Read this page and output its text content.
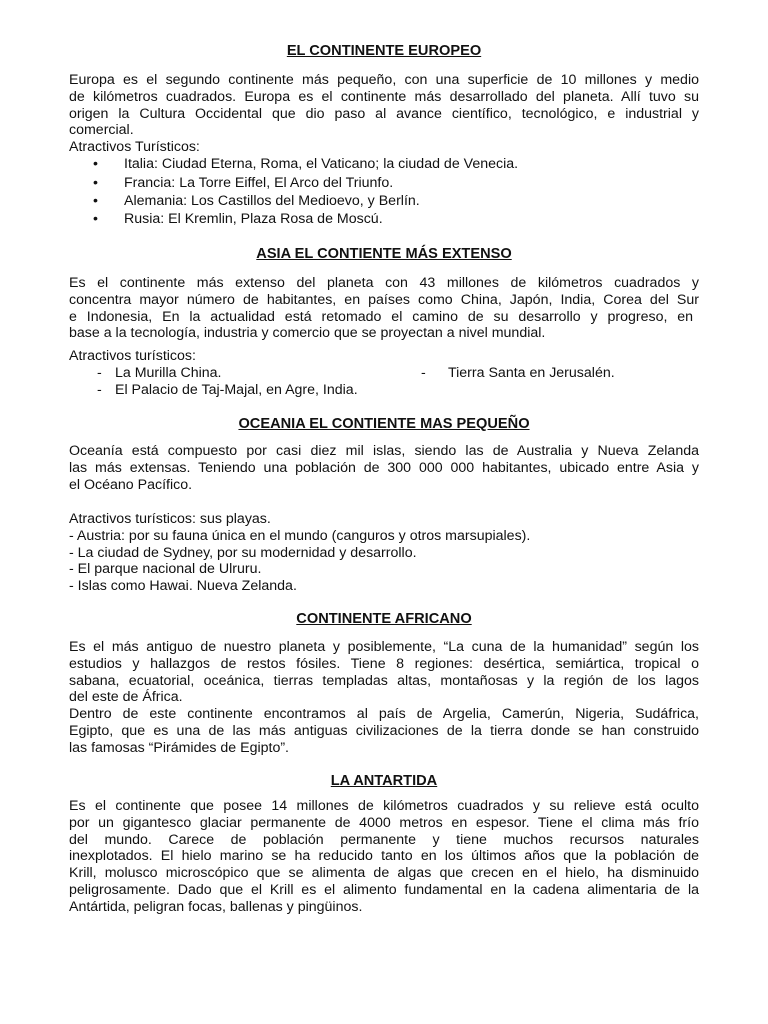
EL CONTINENTE EUROPEO

Europa es el segundo continente más pequeño, con una superficie de 10 millones y medio
de kilómetros cuadrados. Europa es el continente más desarrollado del planeta. Allí tuvo su
origen la Cultura Occidental que dio paso al avance científico, tecnológico, e industrial y
comercial.
Atractivos Turísticos:
• Italia: Ciudad Eterna, Roma, el Vaticano; la ciudad de Venecia.
• Francia: La Torre Eiffel, El Arco del Triunfo.
• Alemania: Los Castillos del Medioevo, y Berlín.
• Rusia: El Kremlin, Plaza Rosa de Moscú.

ASIA EL CONTIENTE MÁS EXTENSO

Es el continente más extenso del planeta con 43 millones de kilómetros cuadrados y
concentra mayor número de habitantes, en países como China, Japón, India, Corea del Sur
e Indonesia, En la actualidad está retomado el camino de su desarrollo y progreso, en
base a la tecnología, industria y comercio que se proyectan a nivel mundial.
Atractivos turísticos:
- La Murilla China.	- Tierra Santa en Jerusalén.
- El Palacio de Taj-Majal, en Agre, India.

OCEANIA EL CONTIENTE MAS PEQUEÑO

Oceanía está compuesto por casi diez mil islas, siendo las de Australia y Nueva Zelanda
las más extensas. Teniendo una población de 300 000 000 habitantes, ubicado entre Asia y
el Océano Pacífico.
Atractivos turísticos: sus playas.
- Austria: por su fauna única en el mundo (canguros y otros marsupiales).
- La ciudad de Sydney, por su modernidad y desarrollo.
- El parque nacional de Ulruru.
- Islas como Hawai. Nueva Zelanda.

CONTINENTE AFRICANO

Es el más antiguo de nuestro planeta y posiblemente, “La cuna de la humanidad” según los
estudios y hallazgos de restos fósiles. Tiene 8 regiones: desértica, semiártica, tropical o
sabana, ecuatorial, oceánica, tierras templadas altas, montañosas y la región de los lagos
del este de África.
Dentro de este continente encontramos al país de Argelia, Camerún, Nigeria, Sudáfrica,
Egipto, que es una de las más antiguas civilizaciones de la tierra donde se han construido
las famosas “Pirámides de Egipto”.

LA ANTARTIDA

Es el continente que posee 14 millones de kilómetros cuadrados y su relieve está oculto
por un gigantesco glaciar permanente de 4000 metros en espesor. Tiene el clima más frío
del mundo. Carece de población permanente y tiene muchos recursos naturales
inexplotados. El hielo marino se ha reducido tanto en los últimos años que la población de
Krill, molusco microscópico que se alimenta de algas que crecen en el hielo, ha disminuido
peligrosamente. Dado que el Krill es el alimento fundamental en la cadena alimentaria de la
Antártida, peligran focas, ballenas y pingüinos.
